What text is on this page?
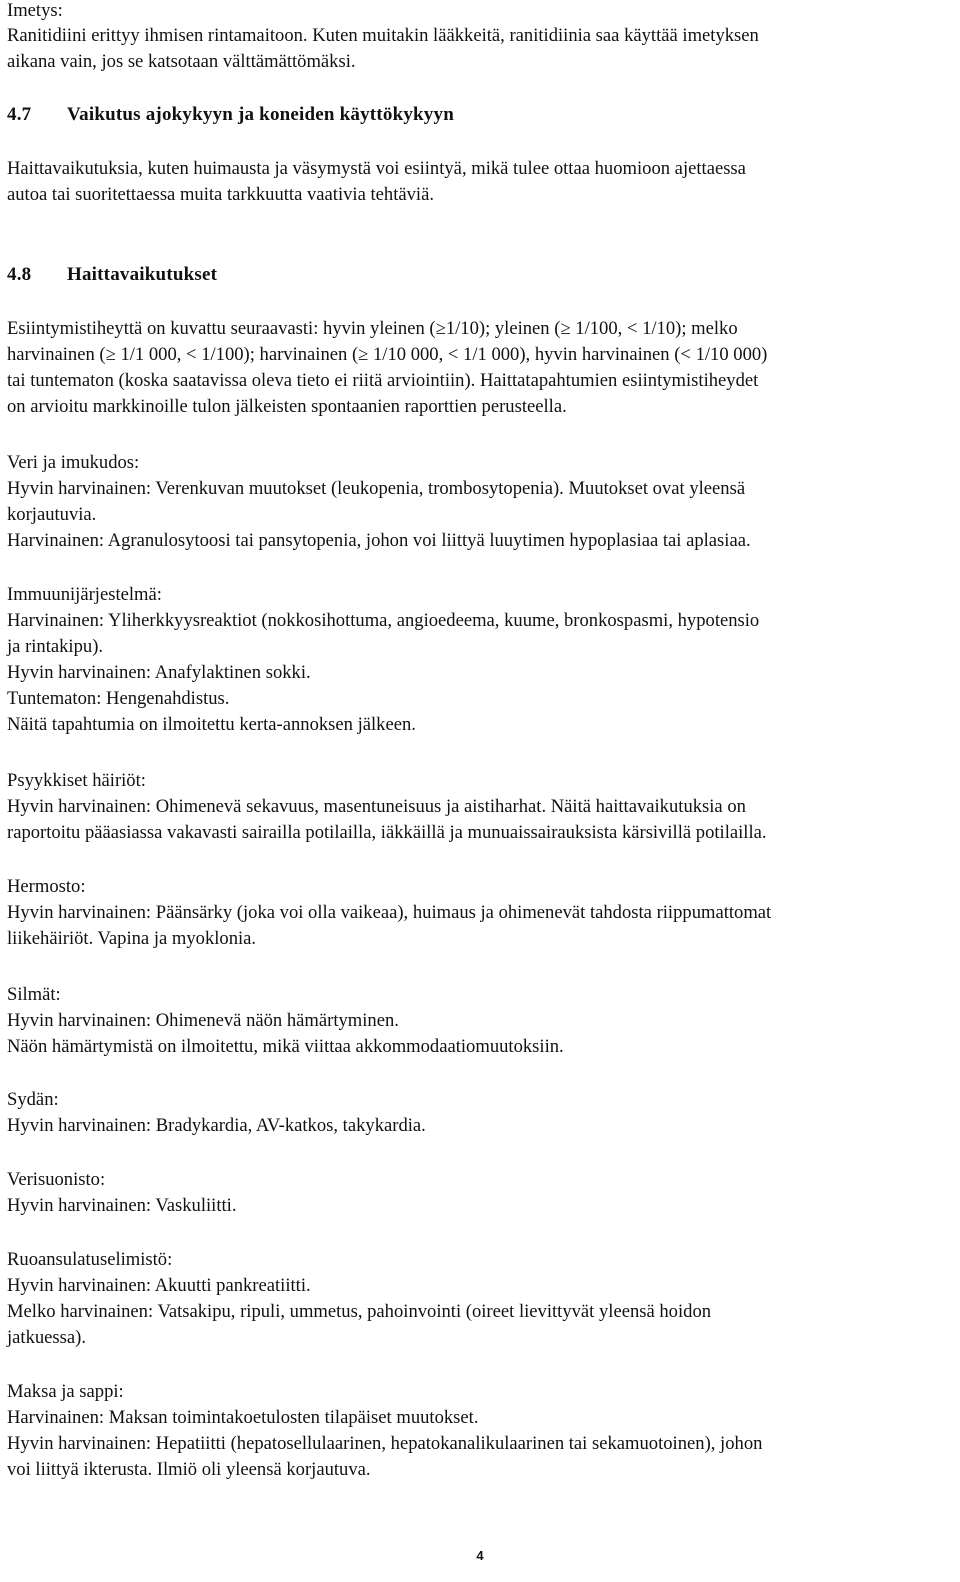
Imetys:
Ranitidiini erittyy ihmisen rintamaitoon. Kuten muitakin lääkkeitä, ranitidiinia saa käyttää imetyksen
aikana vain, jos se katsotaan välttämättömäksi.
4.7 Vaikutus ajokykyyn ja koneiden käyttökykyyn
Haittavaikutuksia, kuten huimausta ja väsymystä voi esiintyä, mikä tulee ottaa huomioon ajettaessa
autoa tai suoritettaessa muita tarkkuutta vaativia tehtäviä.
4.8 Haittavaikutukset
Esiintymistiheyttä on kuvattu seuraavasti: hyvin yleinen (≥1/10); yleinen (≥ 1/100, < 1/10); melko
harvinainen (≥ 1/1 000, < 1/100); harvinainen (≥ 1/10 000, < 1/1 000), hyvin harvinainen (< 1/10 000)
tai tuntematon (koska saatavissa oleva tieto ei riitä arviointiin). Haittatapahtumien esiintymistiheydet
on arvioitu markkinoille tulon jälkeisten spontaanien raporttien perusteella.
Veri ja imukudos:
Hyvin harvinainen: Verenkuvan muutokset (leukopenia, trombosytopenia). Muutokset ovat yleensä
korjautuvia.
Harvinainen: Agranulosytoosi tai pansytopenia, johon voi liittyä luuytimen hypoplasiaa tai aplasiaa.
Immuunijärjestelmä:
Harvinainen: Yliherkkyysreaktiot (nokkosihottuma, angioedeema, kuume, bronkospasmi, hypotensio
ja rintakipu).
Hyvin harvinainen: Anafylaktinen sokki.
Tuntematon: Hengenahdistus.
Näitä tapahtumia on ilmoitettu kerta-annoksen jälkeen.
Psyykkiset häiriöt:
Hyvin harvinainen: Ohimenevä sekavuus, masentuneisuus ja aistiharhat. Näitä haittavaikutuksia on
raportoitu pääasiassa vakavasti sairailla potilailla, iäkkäillä ja munuaissairauksista kärsivillä potilailla.
Hermosto:
Hyvin harvinainen: Päänsärky (joka voi olla vaikeaa), huimaus ja ohimenevät tahdosta riippumattomat
liikehäiriöt. Vapina ja myoklonia.
Silmät:
Hyvin harvinainen: Ohimenevä näön hämärtyminen.
Näön hämärtymistä on ilmoitettu, mikä viittaa akkommodaatiomuutoksiin.
Sydän:
Hyvin harvinainen: Bradykardia, AV-katkos, takykardia.
Verisuonisto:
Hyvin harvinainen: Vaskuliitti.
Ruoansulatuselimistö:
Hyvin harvinainen: Akuutti pankreatiitti.
Melko harvinainen: Vatsakipu, ripuli, ummetus, pahoinvointi (oireet lievittyvät yleensä hoidon
jatkuessa).
Maksa ja sappi:
Harvinainen: Maksan toimintakoetulosten tilapäiset muutokset.
Hyvin harvinainen: Hepatiitti (hepatosellulaarinen, hepatokanalikulaarinen tai sekamuotoinen), johon
voi liittyä ikterusta. Ilmiö oli yleensä korjautuva.
4
